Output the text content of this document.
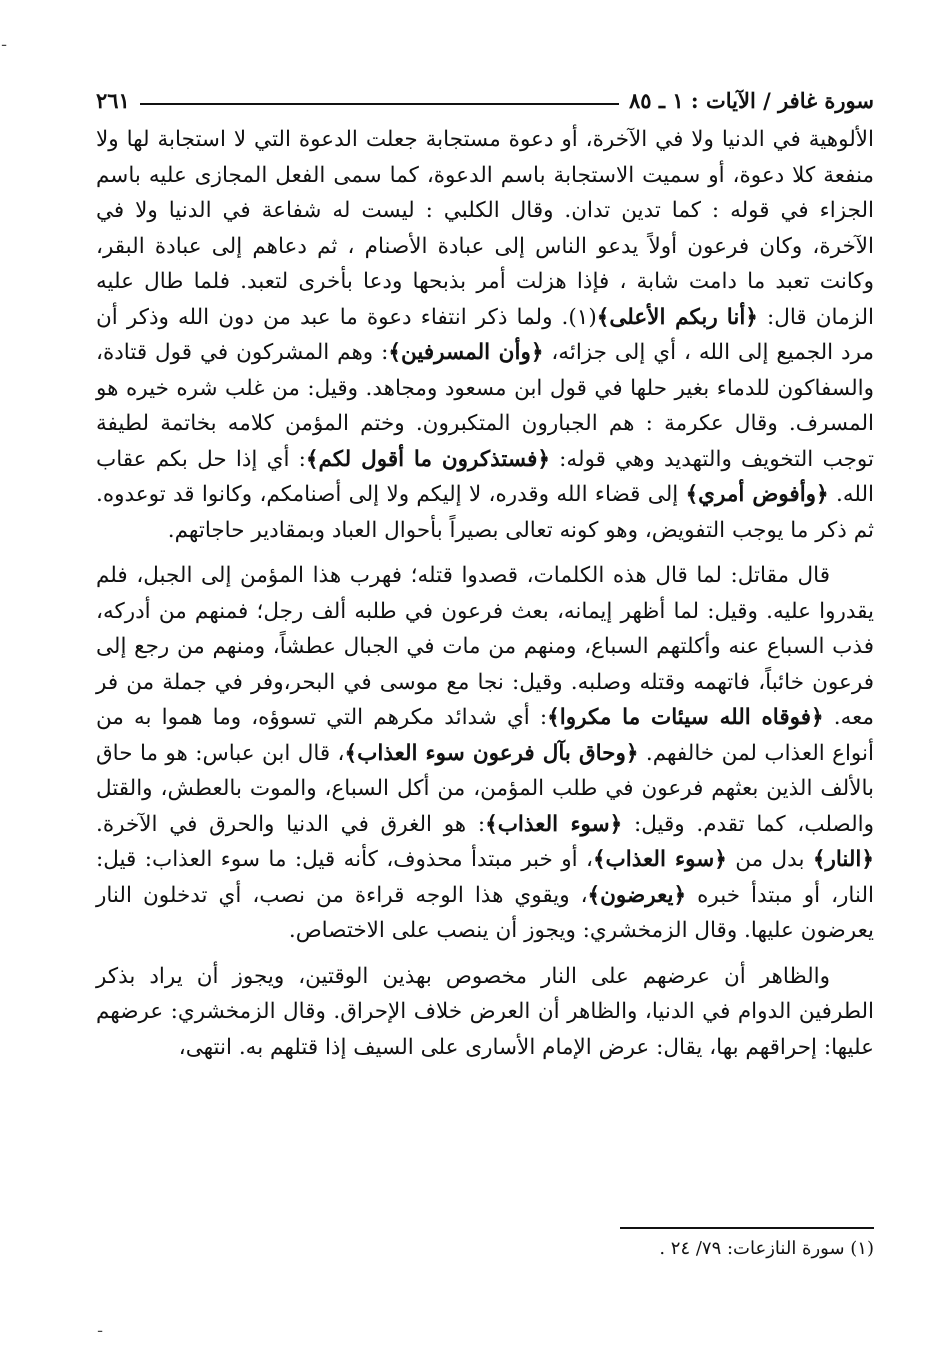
سورة غافر / الآيات : ١ ـ ٨٥
٢٦١

الألوهية في الدنيا ولا في الآخرة، أو دعوة مستجابة جعلت الدعوة التي لا استجابة لها ولا منفعة كلا دعوة، أو سميت الاستجابة باسم الدعوة، كما سمى الفعل المجازى عليه باسم الجزاء في قوله : كما تدين تدان. وقال الكلبي : ليست له شفاعة في الدنيا ولا في الآخرة، وكان فرعون أولاً يدعو الناس إلى عبادة الأصنام ، ثم دعاهم إلى عبادة البقر، وكانت تعبد ما دامت شابة ، فإذا هزلت أمر بذبحها ودعا بأخرى لتعبد. فلما طال عليه الزمان قال: ﴿أنا ربكم الأعلى﴾(١). ولما ذكر انتفاء دعوة ما عبد من دون الله وذكر أن مرد الجميع إلى الله ، أي إلى جزائه، ﴿وأن المسرفين﴾: وهم المشركون في قول قتادة، والسفاكون للدماء بغير حلها في قول ابن مسعود ومجاهد. وقيل: من غلب شره خيره هو المسرف. وقال عكرمة : هم الجبارون المتكبرون. وختم المؤمن كلامه بخاتمة لطيفة توجب التخويف والتهديد وهي قوله: ﴿فستذكرون ما أقول لكم﴾: أي إذا حل بكم عقاب الله. ﴿وأفوض أمري﴾ إلى قضاء الله وقدره، لا إليكم ولا إلى أصنامكم، وكانوا قد توعدوه. ثم ذكر ما يوجب التفويض، وهو كونه تعالى بصيراً بأحوال العباد وبمقادير حاجاتهم.

قال مقاتل: لما قال هذه الكلمات، قصدوا قتله؛ فهرب هذا المؤمن إلى الجبل، فلم يقدروا عليه. وقيل: لما أظهر إيمانه، بعث فرعون في طلبه ألف رجل؛ فمنهم من أدركه، فذب السباع عنه وأكلتهم السباع، ومنهم من مات في الجبال عطشاً، ومنهم من رجع إلى فرعون خائباً، فاتهمه وقتله وصلبه. وقيل: نجا مع موسى في البحر،وفر في جملة من فر معه. ﴿فوقاه الله سيئات ما مكروا﴾: أي شدائد مكرهم التي تسوؤه، وما هموا به من أنواع العذاب لمن خالفهم. ﴿وحاق بآل فرعون سوء العذاب﴾، قال ابن عباس: هو ما حاق بالألف الذين بعثهم فرعون في طلب المؤمن، من أكل السباع، والموت بالعطش، والقتل والصلب، كما تقدم. وقيل: ﴿سوء العذاب﴾: هو الغرق في الدنيا والحرق في الآخرة. ﴿النار﴾ بدل من ﴿سوء العذاب﴾، أو خبر مبتدأ محذوف، كأنه قيل: ما سوء العذاب: قيل: النار، أو مبتدأ خبره ﴿يعرضون﴾، ويقوي هذا الوجه قراءة من نصب، أي تدخلون النار يعرضون عليها. وقال الزمخشري: ويجوز أن ينصب على الاختصاص.

والظاهر أن عرضهم على النار مخصوص بهذين الوقتين، ويجوز أن يراد بذكر الطرفين الدوام في الدنيا، والظاهر أن العرض خلاف الإحراق. وقال الزمخشري: عرضهم عليها: إحراقهم بها، يقال: عرض الإمام الأسارى على السيف إذا قتلهم به. انتهى،

(١) سورة النازعات: ٧٩/ ٢٤ .
ـ
ـ
